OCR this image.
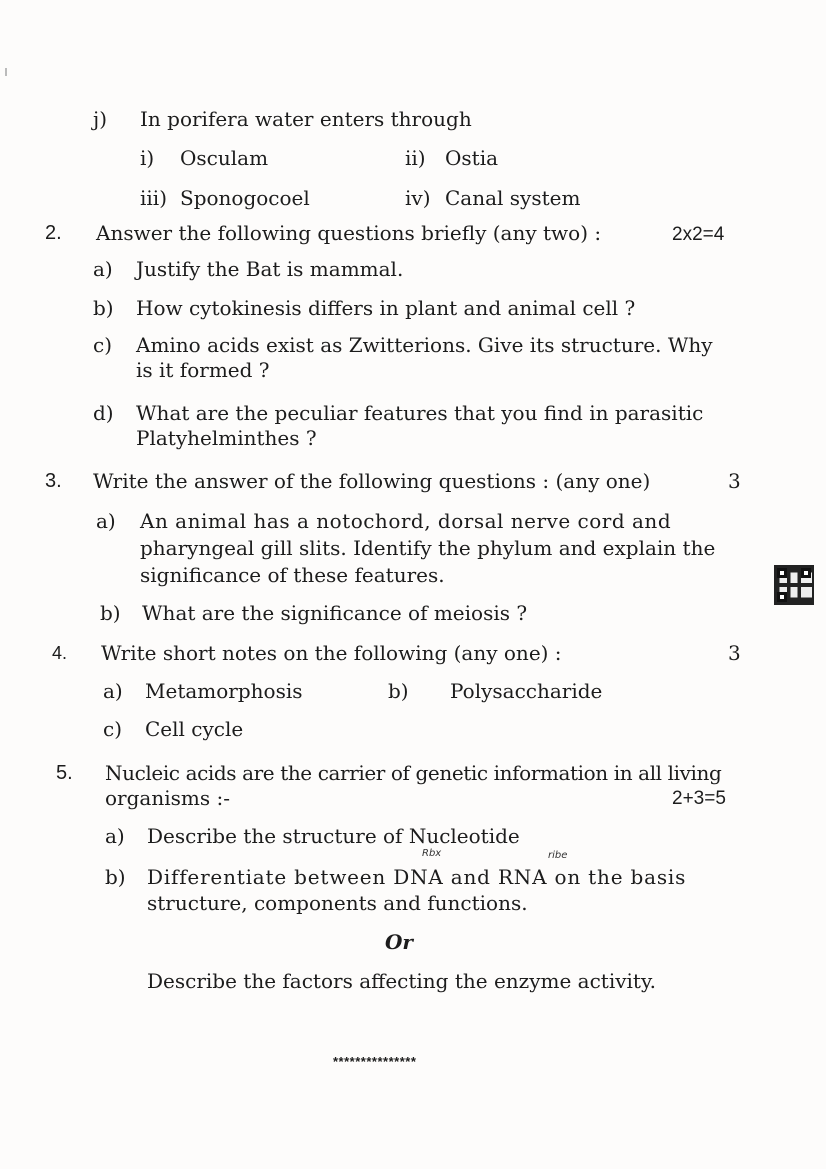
j) In porifera water enters through
i) Osculam	ii) Ostia
iii) Sponogocoel	iv) Canal system
2. Answer the following questions briefly (any two) :	2x2=4
a) Justify the Bat is mammal.
b) How cytokinesis differs in plant and animal cell ?
c) Amino acids exist as Zwitterions. Give its structure. Why
is it formed ?
d) What are the peculiar features that you find in parasitic
Platyhelminthes ?
3. Write the answer of the following questions : (any one)	3
a) An animal has a notochord, dorsal nerve cord and
pharyngeal gill slits. Identify the phylum and explain the
significance of these features.
b) What are the significance of meiosis ?
4. Write short notes on the following (any one) :	3
a) Metamorphosis	b) Polysaccharide
c) Cell cycle
5. Nucleic acids are the carrier of genetic information in all living
organisms :-	2+3=5
a) Describe the structure of Nucleotide
Rbx	ribe
b) Differentiate between DNA and RNA on the basis
structure, components and functions.
Or
Describe the factors affecting the enzyme activity.
***************
